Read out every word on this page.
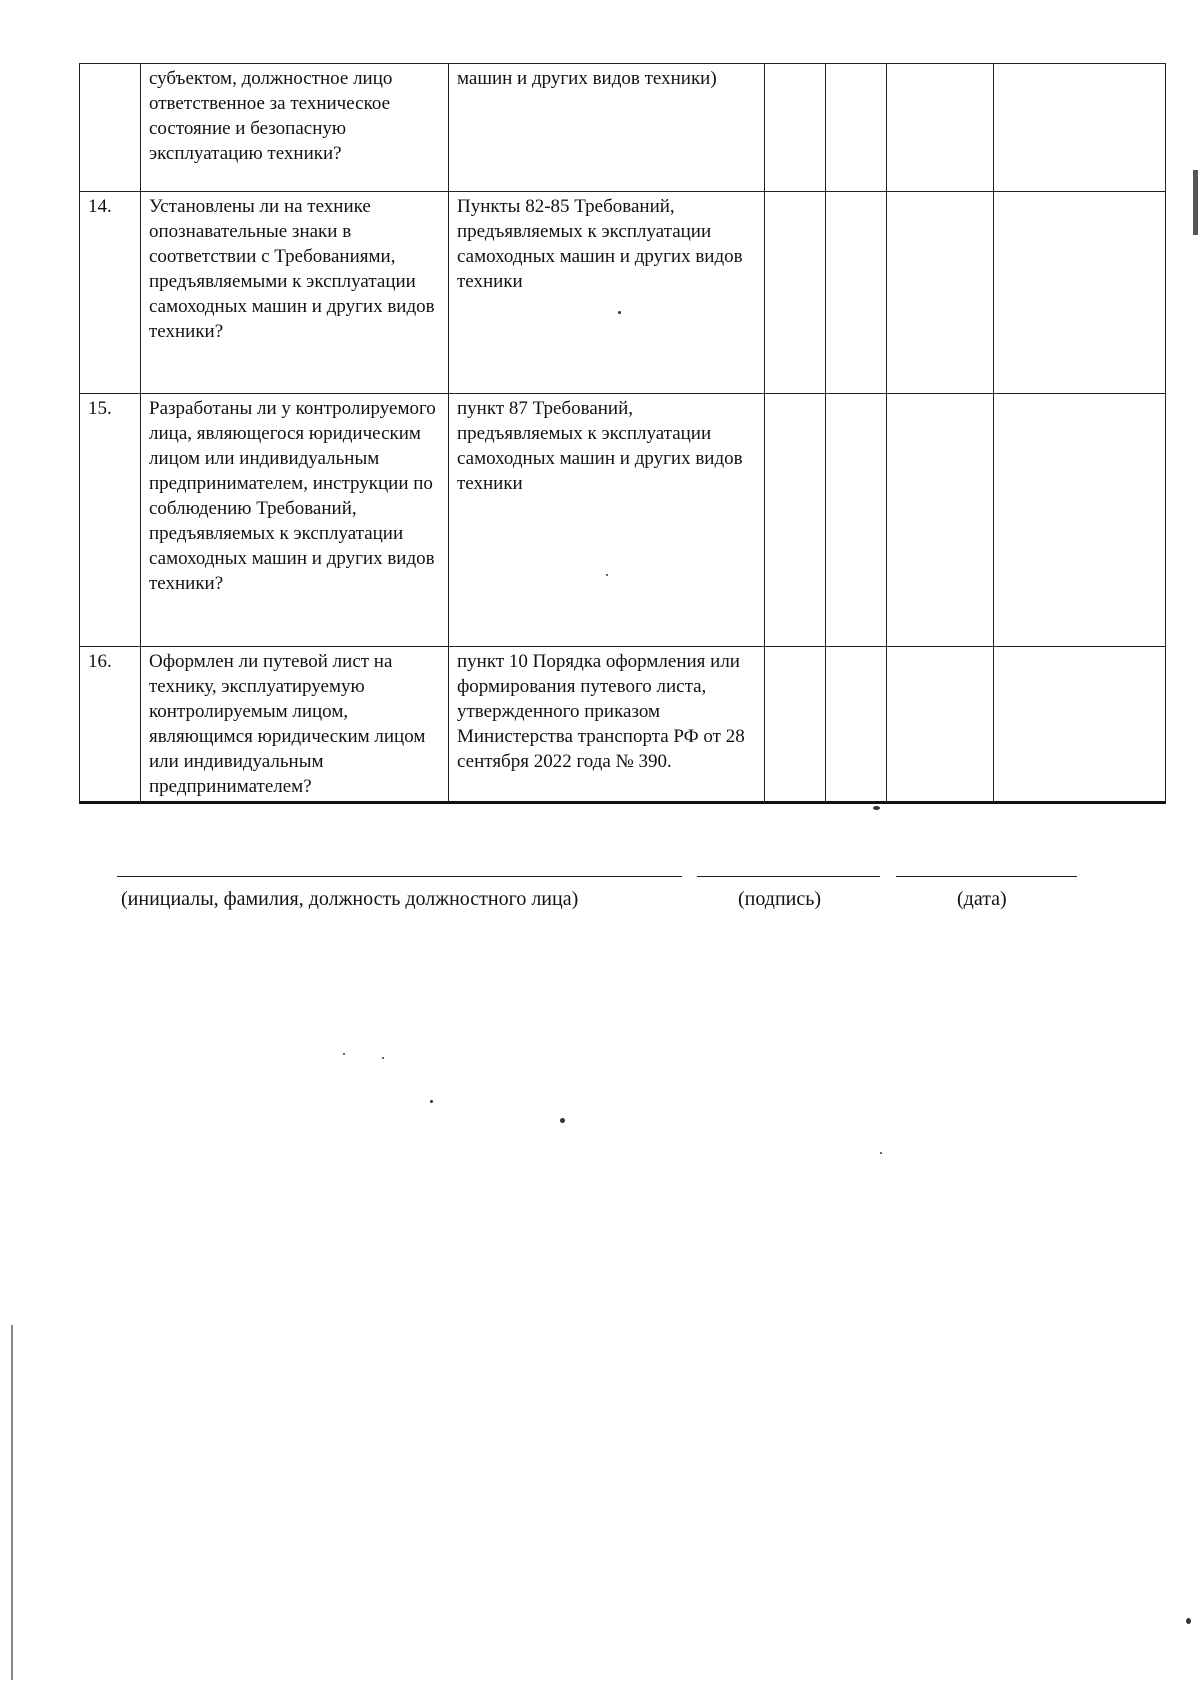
	субъектом, должностное лицо ответственное за техническое состояние и безопасную эксплуатацию техники?	машин и других видов техники)				
14.	Установлены ли на технике опознавательные знаки в соответствии с Требованиями, предъявляемыми к эксплуатации самоходных машин и других видов техники?	Пункты 82-85 Требований, предъявляемых к эксплуатации самоходных машин и других видов техники				
15.	Разработаны ли у контролируемого лица, являющегося юридическим лицом или индивидуальным предпринимателем, инструкции по соблюдению Требований, предъявляемых к эксплуатации самоходных машин и других видов техники?	пункт 87 Требований, предъявляемых к эксплуатации самоходных машин и других видов техники				
16.	Оформлен ли путевой лист на технику, эксплуатируемую контролируемым лицом, являющимся юридическим лицом или индивидуальным предпринимателем?	пункт 10 Порядка оформления или формирования путевого листа, утвержденного приказом Министерства транспорта РФ от 28 сентября 2022 года № 390.				
(инициалы, фамилия, должность должностного лица)	(подпись)	(дата)
